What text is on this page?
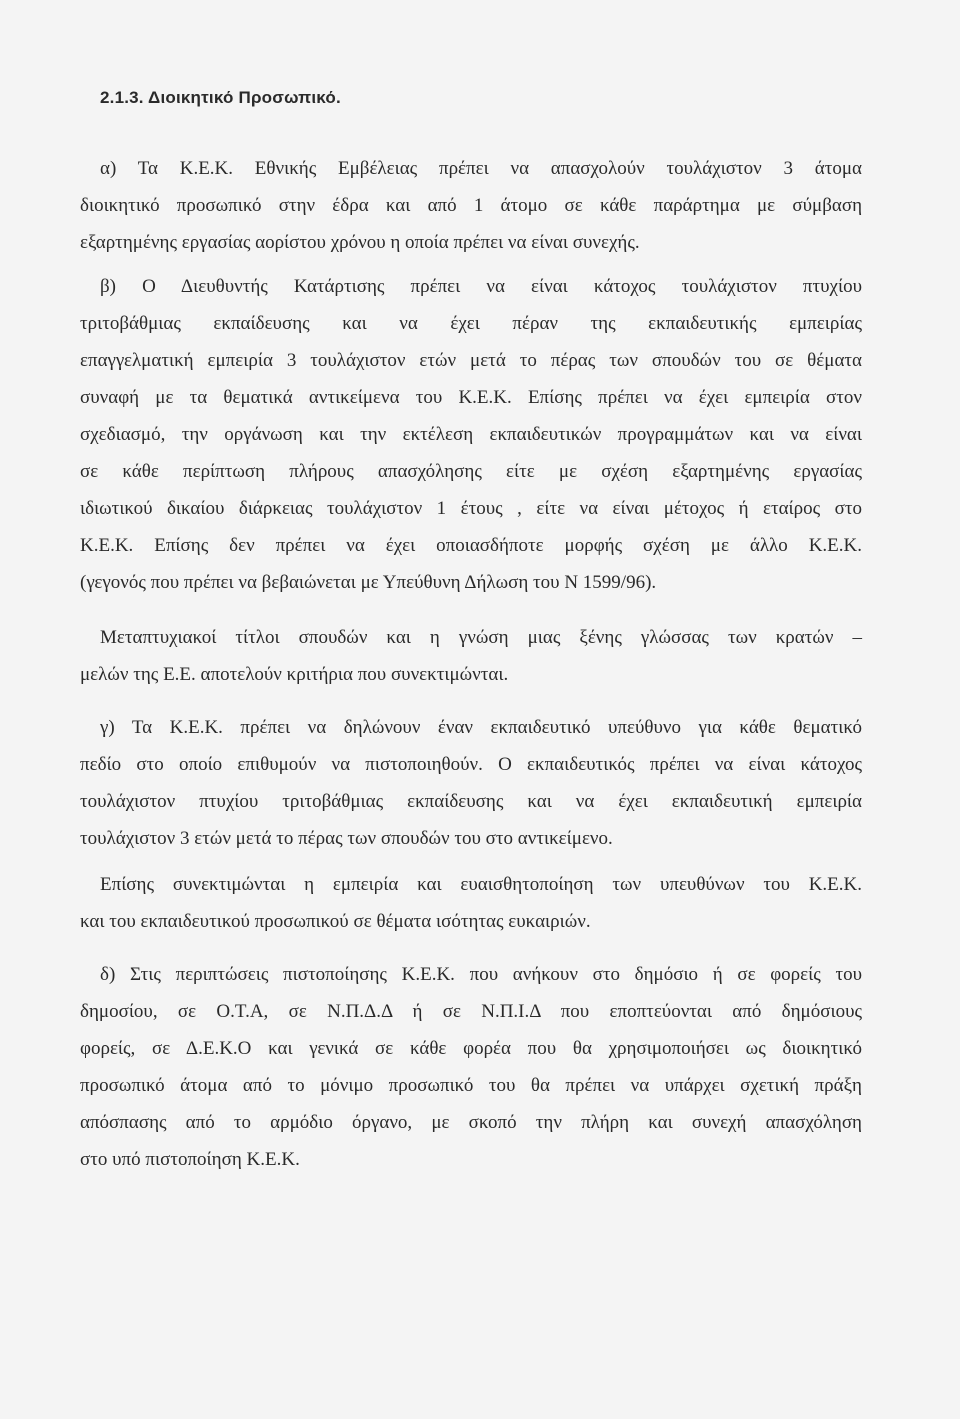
2.1.3. Διοικητικό Προσωπικό.
α) Τα Κ.Ε.Κ. Εθνικής Εμβέλειας πρέπει να απασχολούν τουλάχιστον 3 άτομα
διοικητικό προσωπικό στην έδρα και από 1 άτομο σε κάθε παράρτημα με σύμβαση
εξαρτημένης εργασίας αορίστου χρόνου η οποία πρέπει να είναι συνεχής.
β) Ο Διευθυντής Κατάρτισης πρέπει να είναι κάτοχος τουλάχιστον πτυχίου
τριτοβάθμιας εκπαίδευσης και να έχει πέραν της εκπαιδευτικής εμπειρίας
επαγγελματική εμπειρία 3 τουλάχιστον ετών μετά το πέρας των σπουδών του σε θέματα
συναφή με τα θεματικά αντικείμενα του Κ.Ε.Κ. Επίσης πρέπει να έχει εμπειρία στον
σχεδιασμό, την οργάνωση και την εκτέλεση εκπαιδευτικών προγραμμάτων και να είναι
σε κάθε περίπτωση πλήρους απασχόλησης είτε με σχέση εξαρτημένης εργασίας
ιδιωτικού δικαίου διάρκειας τουλάχιστον 1 έτους , είτε να είναι μέτοχος ή εταίρος στο
Κ.Ε.Κ. Επίσης δεν πρέπει να έχει οποιασδήποτε μορφής σχέση με άλλο Κ.Ε.Κ.
(γεγονός που πρέπει να βεβαιώνεται με Υπεύθυνη Δήλωση του Ν 1599/96).
Μεταπτυχιακοί τίτλοι σπουδών και η γνώση μιας ξένης γλώσσας των κρατών –
μελών της Ε.Ε. αποτελούν κριτήρια που συνεκτιμώνται.
γ) Τα Κ.Ε.Κ. πρέπει να δηλώνουν έναν εκπαιδευτικό υπεύθυνο για κάθε θεματικό
πεδίο στο οποίο επιθυμούν να πιστοποιηθούν. Ο εκπαιδευτικός πρέπει να είναι κάτοχος
τουλάχιστον πτυχίου τριτοβάθμιας εκπαίδευσης και να έχει εκπαιδευτική εμπειρία
τουλάχιστον 3 ετών μετά το πέρας των σπουδών του στο αντικείμενο.
Επίσης συνεκτιμώνται η εμπειρία και ευαισθητοποίηση των υπευθύνων του Κ.Ε.Κ.
και του εκπαιδευτικού προσωπικού σε θέματα ισότητας ευκαιριών.
δ) Στις περιπτώσεις πιστοποίησης Κ.Ε.Κ. που ανήκουν στο δημόσιο ή σε φορείς του
δημοσίου, σε Ο.Τ.Α, σε Ν.Π.Δ.Δ ή σε Ν.Π.Ι.Δ που εποπτεύονται από δημόσιους
φορείς, σε Δ.Ε.Κ.Ο και γενικά σε κάθε φορέα που θα χρησιμοποιήσει ως διοικητικό
προσωπικό άτομα από το μόνιμο προσωπικό του θα πρέπει να υπάρχει σχετική πράξη
απόσπασης από το αρμόδιο όργανο, με σκοπό την πλήρη και συνεχή απασχόληση
στο υπό πιστοποίηση Κ.Ε.Κ.
